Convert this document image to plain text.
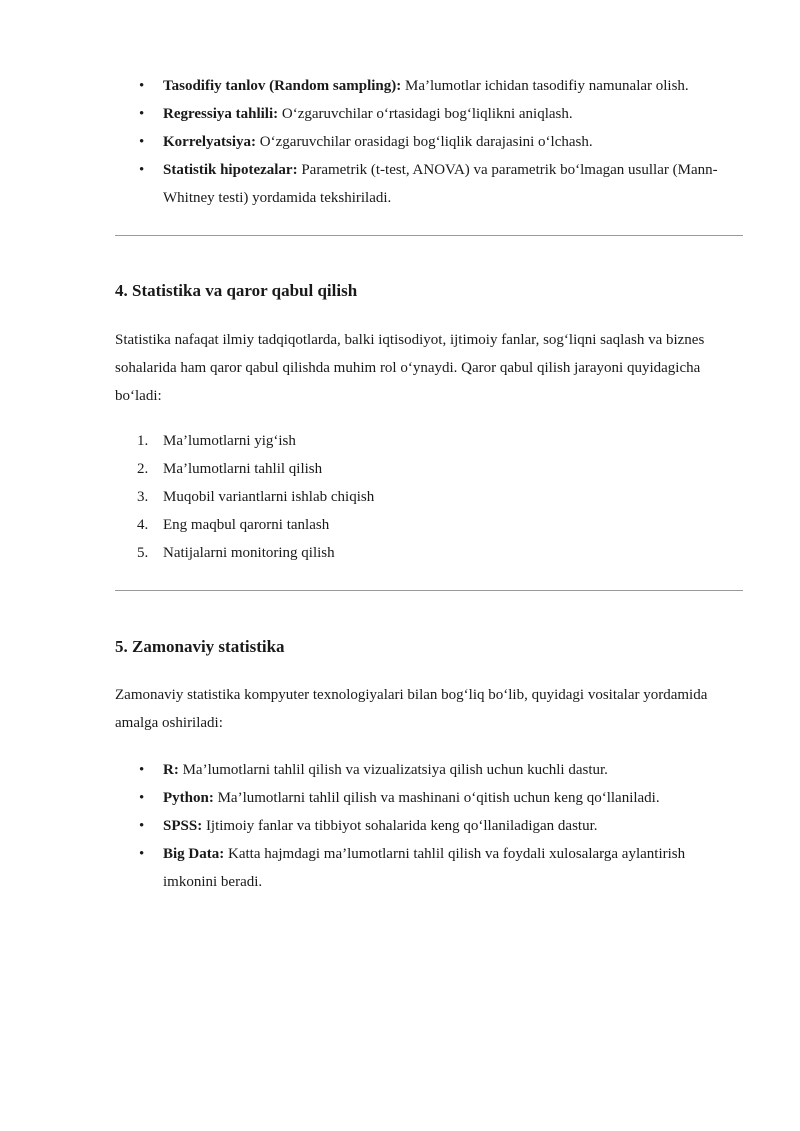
• Tasodifiy tanlov (Random sampling): Ma’lumotlar ichidan tasodifiy namunalar olish.
• Regressiya tahlili: O‘zgaruvchilar o‘rtasidagi bog‘liqlikni aniqlash.
• Korrelyatsiya: O‘zgaruvchilar orasidagi bog‘liqlik darajasini o‘lchash.
• Statistik hipotezalar: Parametrik (t-test, ANOVA) va parametrik bo‘lmagan usullar (Mann-Whitney testi) yordamida tekshiriladi.
4. Statistika va qaror qabul qilish

Statistika nafaqat ilmiy tadqiqotlarda, balki iqtisodiyot, ijtimoiy fanlar, sog‘liqni saqlash va biznes sohalarida ham qaror qabul qilishda muhim rol o‘ynaydi. Qaror qabul qilish jarayoni quyidagicha bo‘ladi:

1. Ma’lumotlarni yig‘ish
2. Ma’lumotlarni tahlil qilish
3. Muqobil variantlarni ishlab chiqish
4. Eng maqbul qarorni tanlash
5. Natijalarni monitoring qilish
5. Zamonaviy statistika

Zamonaviy statistika kompyuter texnologiyalari bilan bog‘liq bo‘lib, quyidagi vositalar yordamida amalga oshiriladi:

• R: Ma’lumotlarni tahlil qilish va vizualizatsiya qilish uchun kuchli dastur.
• Python: Ma’lumotlarni tahlil qilish va mashinani o‘qitish uchun keng qo‘llaniladi.
• SPSS: Ijtimoiy fanlar va tibbiyot sohalarida keng qo‘llaniladigan dastur.
• Big Data: Katta hajmdagi ma’lumotlarni tahlil qilish va foydali xulosalarga aylantirish imkonini beradi.
